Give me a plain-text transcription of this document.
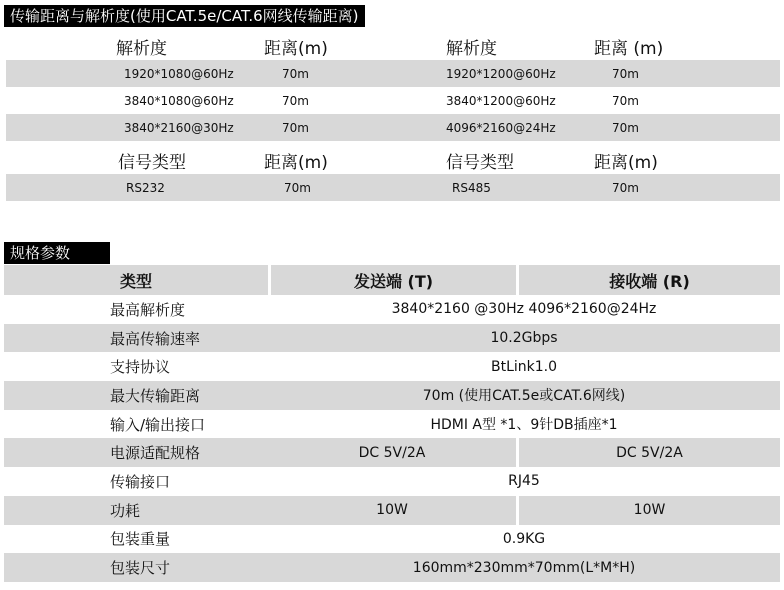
传输距离与解析度(使用CAT.5e/CAT.6网线传输距离)
解析度	距离(m)	解析度	距离 (m)
1920*1080@60Hz	70m	1920*1200@60Hz	70m
3840*1080@60Hz	70m	3840*1200@60Hz	70m
3840*2160@30Hz	70m	4096*2160@24Hz	70m
信号类型	距离(m)	信号类型	距离(m)
RS232	70m	RS485	70m
规格参数
类型	发送端 (T)	接收端 (R)
最高解析度	3840*2160 @30Hz 4096*2160@24Hz
最高传输速率	10.2Gbps
支持协议	BtLink1.0
最大传输距离	70m (使用CAT.5e或CAT.6网线)
输入/输出接口	HDMI A型 *1、9针DB插座*1
电源适配规格	DC 5V/2A	DC 5V/2A
传输接口	RJ45
功耗	10W	10W
包装重量	0.9KG
包装尺寸	160mm*230mm*70mm(L*M*H)
